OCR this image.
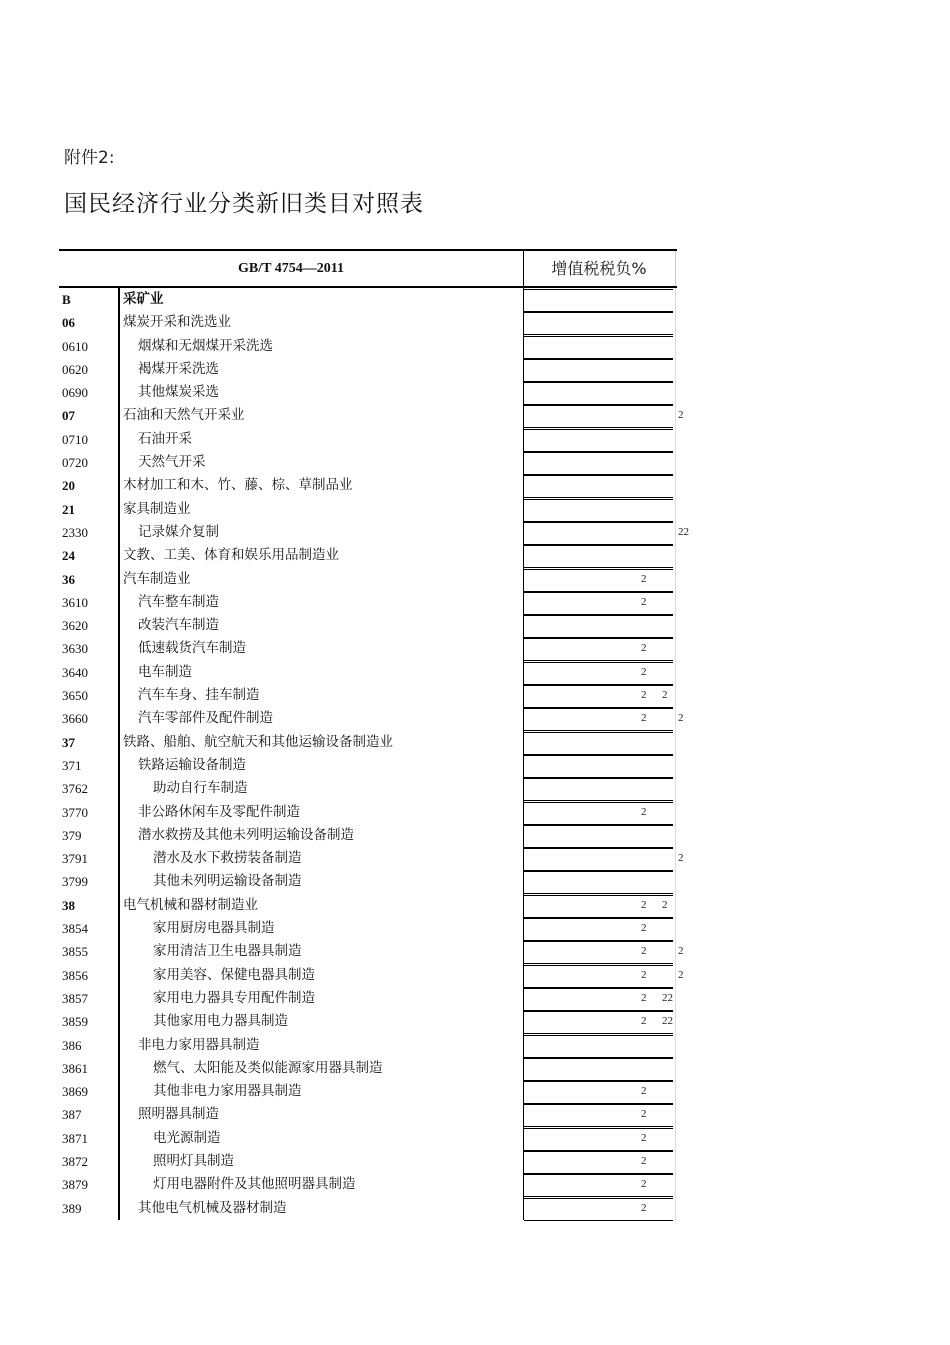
附件2:
国民经济行业分类新旧类目对照表
GB/T 4754—2011	增值税税负%
B	采矿业
06	煤炭开采和洗选业
0610	烟煤和无烟煤开采洗选
0620	褐煤开采洗选
0690	其他煤炭采选
07	石油和天然气开采业	2
0710	石油开采
0720	天然气开采
20	木材加工和木、竹、藤、棕、草制品业
21	家具制造业
2330	记录媒介复制	22
24	文教、工美、体育和娱乐用品制造业
36	汽车制造业	2
3610	汽车整车制造	2
3620	改装汽车制造
3630	低速载货汽车制造	2
3640	电车制造	2
3650	汽车车身、挂车制造	2 2
3660	汽车零部件及配件制造	2	2
37	铁路、船舶、航空航天和其他运输设备制造业
371	铁路运输设备制造
3762	助动自行车制造
3770	非公路休闲车及零配件制造	2
379	潜水救捞及其他未列明运输设备制造
3791	潜水及水下救捞装备制造	2
3799	其他未列明运输设备制造
38	电气机械和器材制造业	2 2
3854	家用厨房电器具制造	2
3855	家用清洁卫生电器具制造	2	2
3856	家用美容、保健电器具制造	2	2
3857	家用电力器具专用配件制造	2 22
3859	其他家用电力器具制造	2 22
386	非电力家用器具制造
3861	燃气、太阳能及类似能源家用器具制造
3869	其他非电力家用器具制造	2
387	照明器具制造	2
3871	电光源制造	2
3872	照明灯具制造	2
3879	灯用电器附件及其他照明器具制造	2
389	其他电气机械及器材制造	2
